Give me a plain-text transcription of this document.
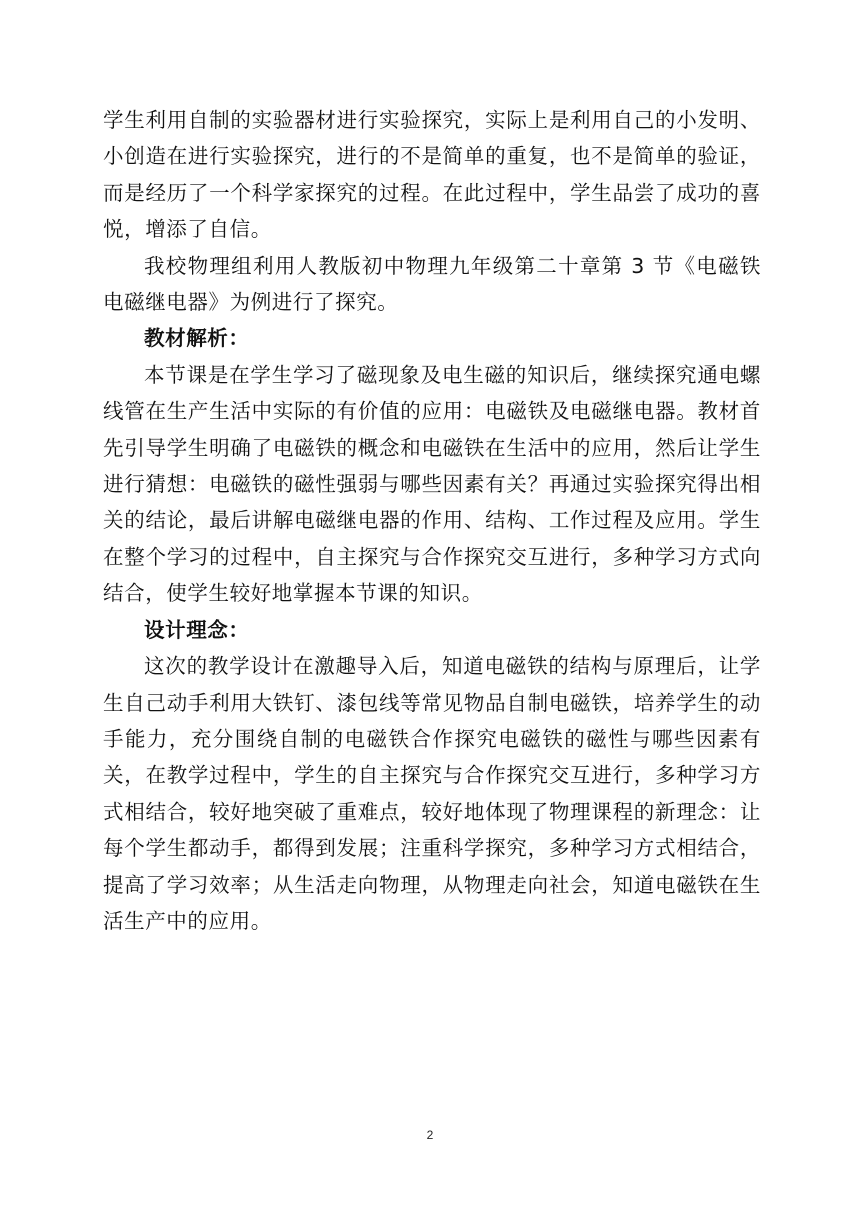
学生利用自制的实验器材进行实验探究，实际上是利用自己的小发明、小创造在进行实验探究，进行的不是简单的重复，也不是简单的验证，而是经历了一个科学家探究的过程。在此过程中，学生品尝了成功的喜悦，增添了自信。

我校物理组利用人教版初中物理九年级第二十章第 3 节《电磁铁 电磁继电器》为例进行了探究。

教材解析：

本节课是在学生学习了磁现象及电生磁的知识后，继续探究通电螺线管在生产生活中实际的有价值的应用：电磁铁及电磁继电器。教材首先引导学生明确了电磁铁的概念和电磁铁在生活中的应用，然后让学生进行猜想：电磁铁的磁性强弱与哪些因素有关？再通过实验探究得出相关的结论，最后讲解电磁继电器的作用、结构、工作过程及应用。学生在整个学习的过程中，自主探究与合作探究交互进行，多种学习方式向结合，使学生较好地掌握本节课的知识。

设计理念：

这次的教学设计在激趣导入后，知道电磁铁的结构与原理后，让学生自己动手利用大铁钉、漆包线等常见物品自制电磁铁，培养学生的动手能力，充分围绕自制的电磁铁合作探究电磁铁的磁性与哪些因素有关，在教学过程中，学生的自主探究与合作探究交互进行，多种学习方式相结合，较好地突破了重难点，较好地体现了物理课程的新理念：让每个学生都动手，都得到发展；注重科学探究，多种学习方式相结合，提高了学习效率；从生活走向物理，从物理走向社会，知道电磁铁在生活生产中的应用。

2
